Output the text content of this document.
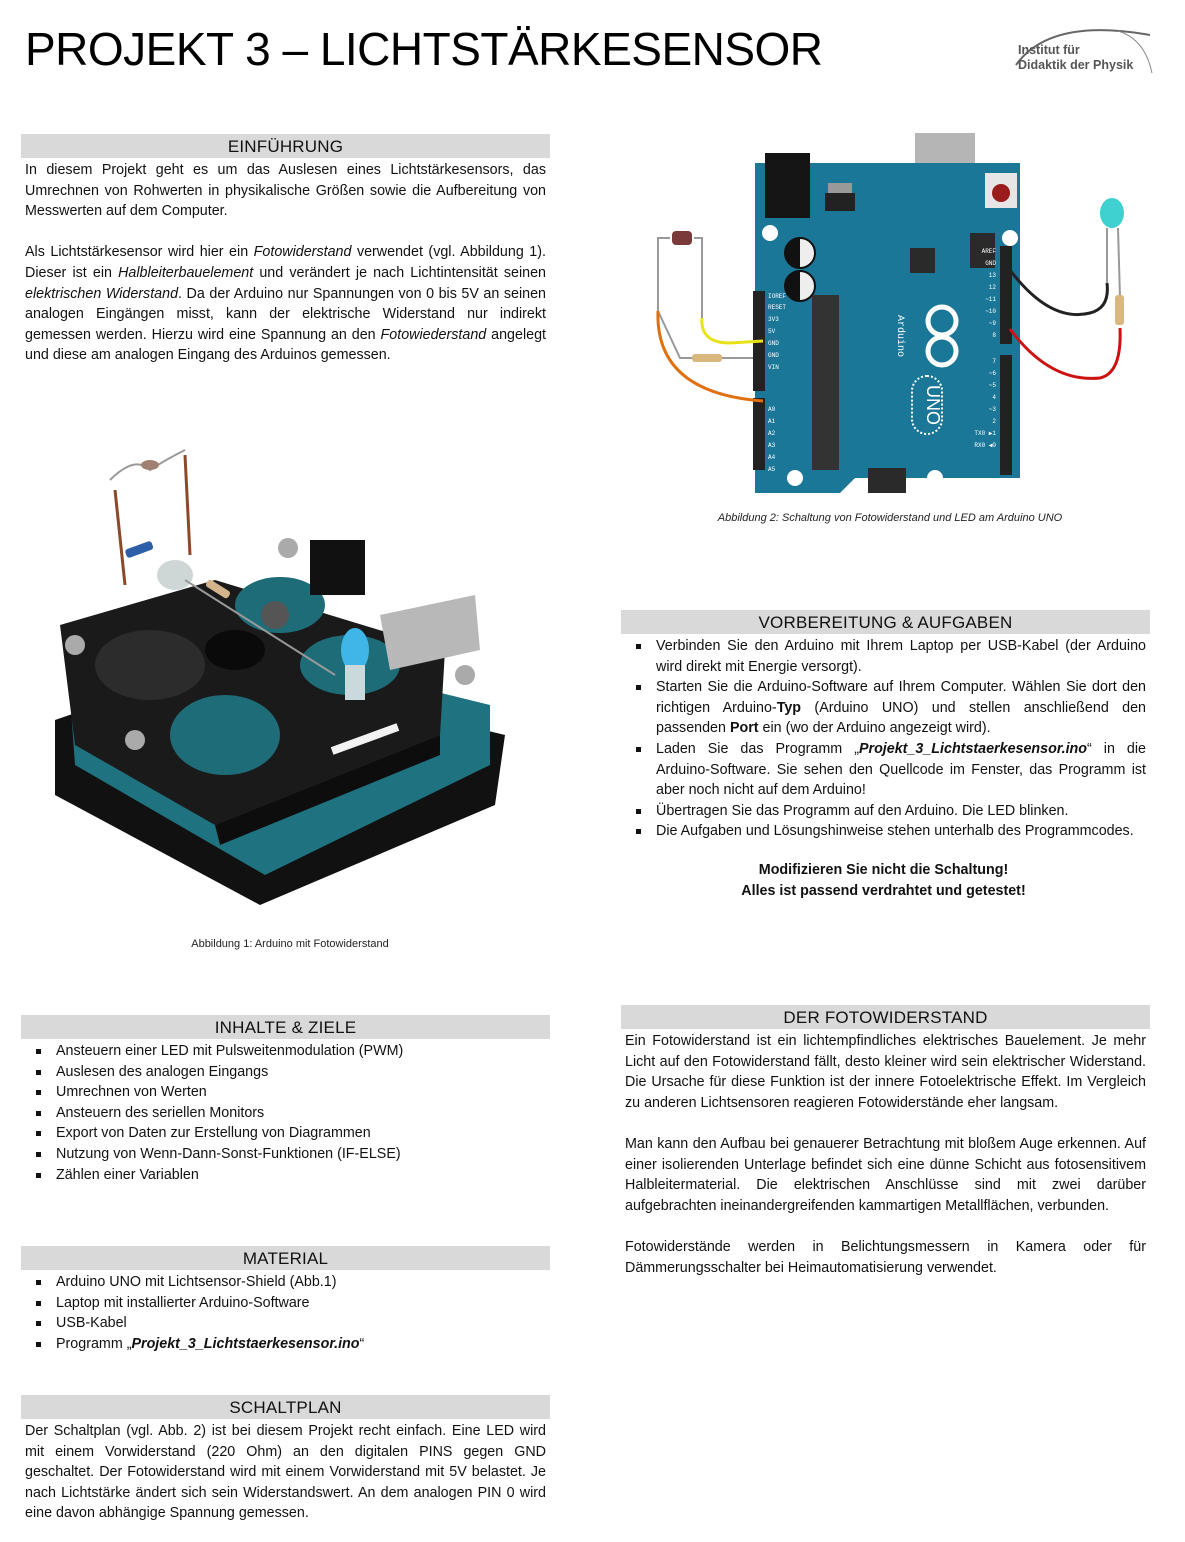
PROJEKT 3 – LICHTSTÄRKESENSOR	Institut für
Didaktik der Physik
EINFÜHRUNG

In diesem Projekt geht es um das Auslesen eines Lichtstärkesensors, das Umrechnen von Rohwerten in physikalische Größen sowie die Aufbereitung von Messwerten auf dem Computer.

Als Lichtstärkesensor wird hier ein Fotowiderstand verwendet (vgl. Abbildung 1). Dieser ist ein Halbleiterbauelement und verändert je nach Lichtintensität seinen elektrischen Widerstand. Da der Arduino nur Spannungen von 0 bis 5V an seinen analogen Eingängen misst, kann der elektrische Widerstand nur indirekt gemessen werden. Hierzu wird eine Spannung an den Fotowiederstand angelegt und diese am analogen Eingang des Arduinos gemessen.

Abbildung 1: Arduino mit Fotowiderstand
UNO
Arduino
IOREF
RESET
3V3
5V
GND
GND
VIN
A0
A1
A2
A3
A4
A5
AREF
GND
13
12
~11
~10
~9
8
7
~6
~5
4
~3
2
TX0 ▶1
RX0 ◀0
Abbildung 2: Schaltung von Fotowiderstand und LED am Arduino UNO
VORBEREITUNG & AUFGABEN
Verbinden Sie den Arduino mit Ihrem Laptop per USB-Kabel (der Arduino wird direkt mit Energie versorgt).
Starten Sie die Arduino-Software auf Ihrem Computer. Wählen Sie dort den richtigen Arduino-Typ (Arduino UNO) und stellen anschließend den passenden Port ein (wo der Arduino angezeigt wird).
Laden Sie das Programm „Projekt_3_Lichtstaerkesensor.ino“ in die Arduino-Software. Sie sehen den Quellcode im Fenster, das Programm ist aber noch nicht auf dem Arduino!
Übertragen Sie das Programm auf den Arduino. Die LED blinken.
Die Aufgaben und Lösungshinweise stehen unterhalb des Programmcodes.
Modifizieren Sie nicht die Schaltung!
Alles ist passend verdrahtet und getestet!
INHALTE & ZIELE
Ansteuern einer LED mit Pulsweitenmodulation (PWM)
Auslesen des analogen Eingangs
Umrechnen von Werten
Ansteuern des seriellen Monitors
Export von Daten zur Erstellung von Diagrammen
Nutzung von Wenn-Dann-Sonst-Funktionen (IF-ELSE)
Zählen einer Variablen
MATERIAL
Arduino UNO mit Lichtsensor-Shield (Abb.1)
Laptop mit installierter Arduino-Software
USB-Kabel
Programm „Projekt_3_Lichtstaerkesensor.ino“
SCHALTPLAN

Der Schaltplan (vgl. Abb. 2) ist bei diesem Projekt recht einfach. Eine LED wird mit einem Vorwiderstand (220 Ohm) an den digitalen PINS gegen GND geschaltet. Der Fotowiderstand wird mit einem Vorwiderstand mit 5V belastet. Je nach Lichtstärke ändert sich sein Widerstandswert. An dem analogen PIN 0 wird eine davon abhängige Spannung gemessen.

DER FOTOWIDERSTAND

Ein Fotowiderstand ist ein lichtempfindliches elektrisches Bauelement. Je mehr Licht auf den Fotowiderstand fällt, desto kleiner wird sein elektrischer Widerstand. Die Ursache für diese Funktion ist der innere Fotoelektrische Effekt. Im Vergleich zu anderen Lichtsensoren reagieren Fotowiderstände eher langsam.

Man kann den Aufbau bei genauerer Betrachtung mit bloßem Auge erkennen. Auf einer isolierenden Unterlage befindet sich eine dünne Schicht aus fotosensitivem Halbleitermaterial. Die elektrischen Anschlüsse sind mit zwei darüber aufgebrachten ineinandergreifenden kammartigen Metallflächen, verbunden.

Fotowiderstände werden in Belichtungsmessern in Kamera oder für Dämmerungsschalter bei Heimautomatisierung verwendet.
